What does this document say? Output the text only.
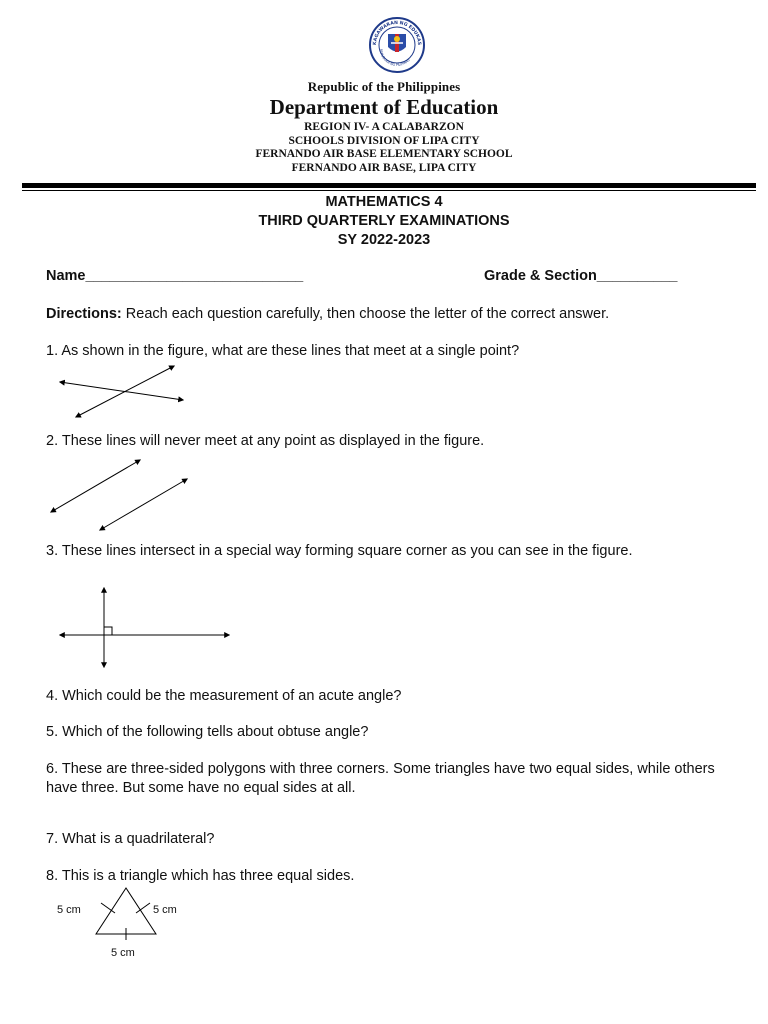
KAGAWARAN NG EDUKASYON
REPUBLIKA NG PILIPINAS
Republic of the Philippines
Department of Education
REGION IV- A CALABARZON
SCHOOLS DIVISION OF LIPA CITY
FERNANDO AIR BASE ELEMENTARY SCHOOL
FERNANDO AIR BASE, LIPA CITY
MATHEMATICS 4
THIRD QUARTERLY EXAMINATIONS
SY 2022-2023
Name___________________________	Grade & Section__________
Directions: Reach each question carefully, then choose the letter of the correct answer.
1. As shown in the figure, what are these lines that meet at a single point?
2. These lines will never meet at any point as displayed in the figure.
3. These lines intersect in a special way forming square corner as you can see in the figure.
4. Which could be the measurement of an acute angle?
5. Which of the following tells about obtuse angle?
6. These are three-sided polygons with three corners. Some triangles have two equal sides, while others have three. But some have no equal sides at all.
7. What is a quadrilateral?
8. This is a triangle which has three equal sides.
5 cm	5 cm
5 cm
